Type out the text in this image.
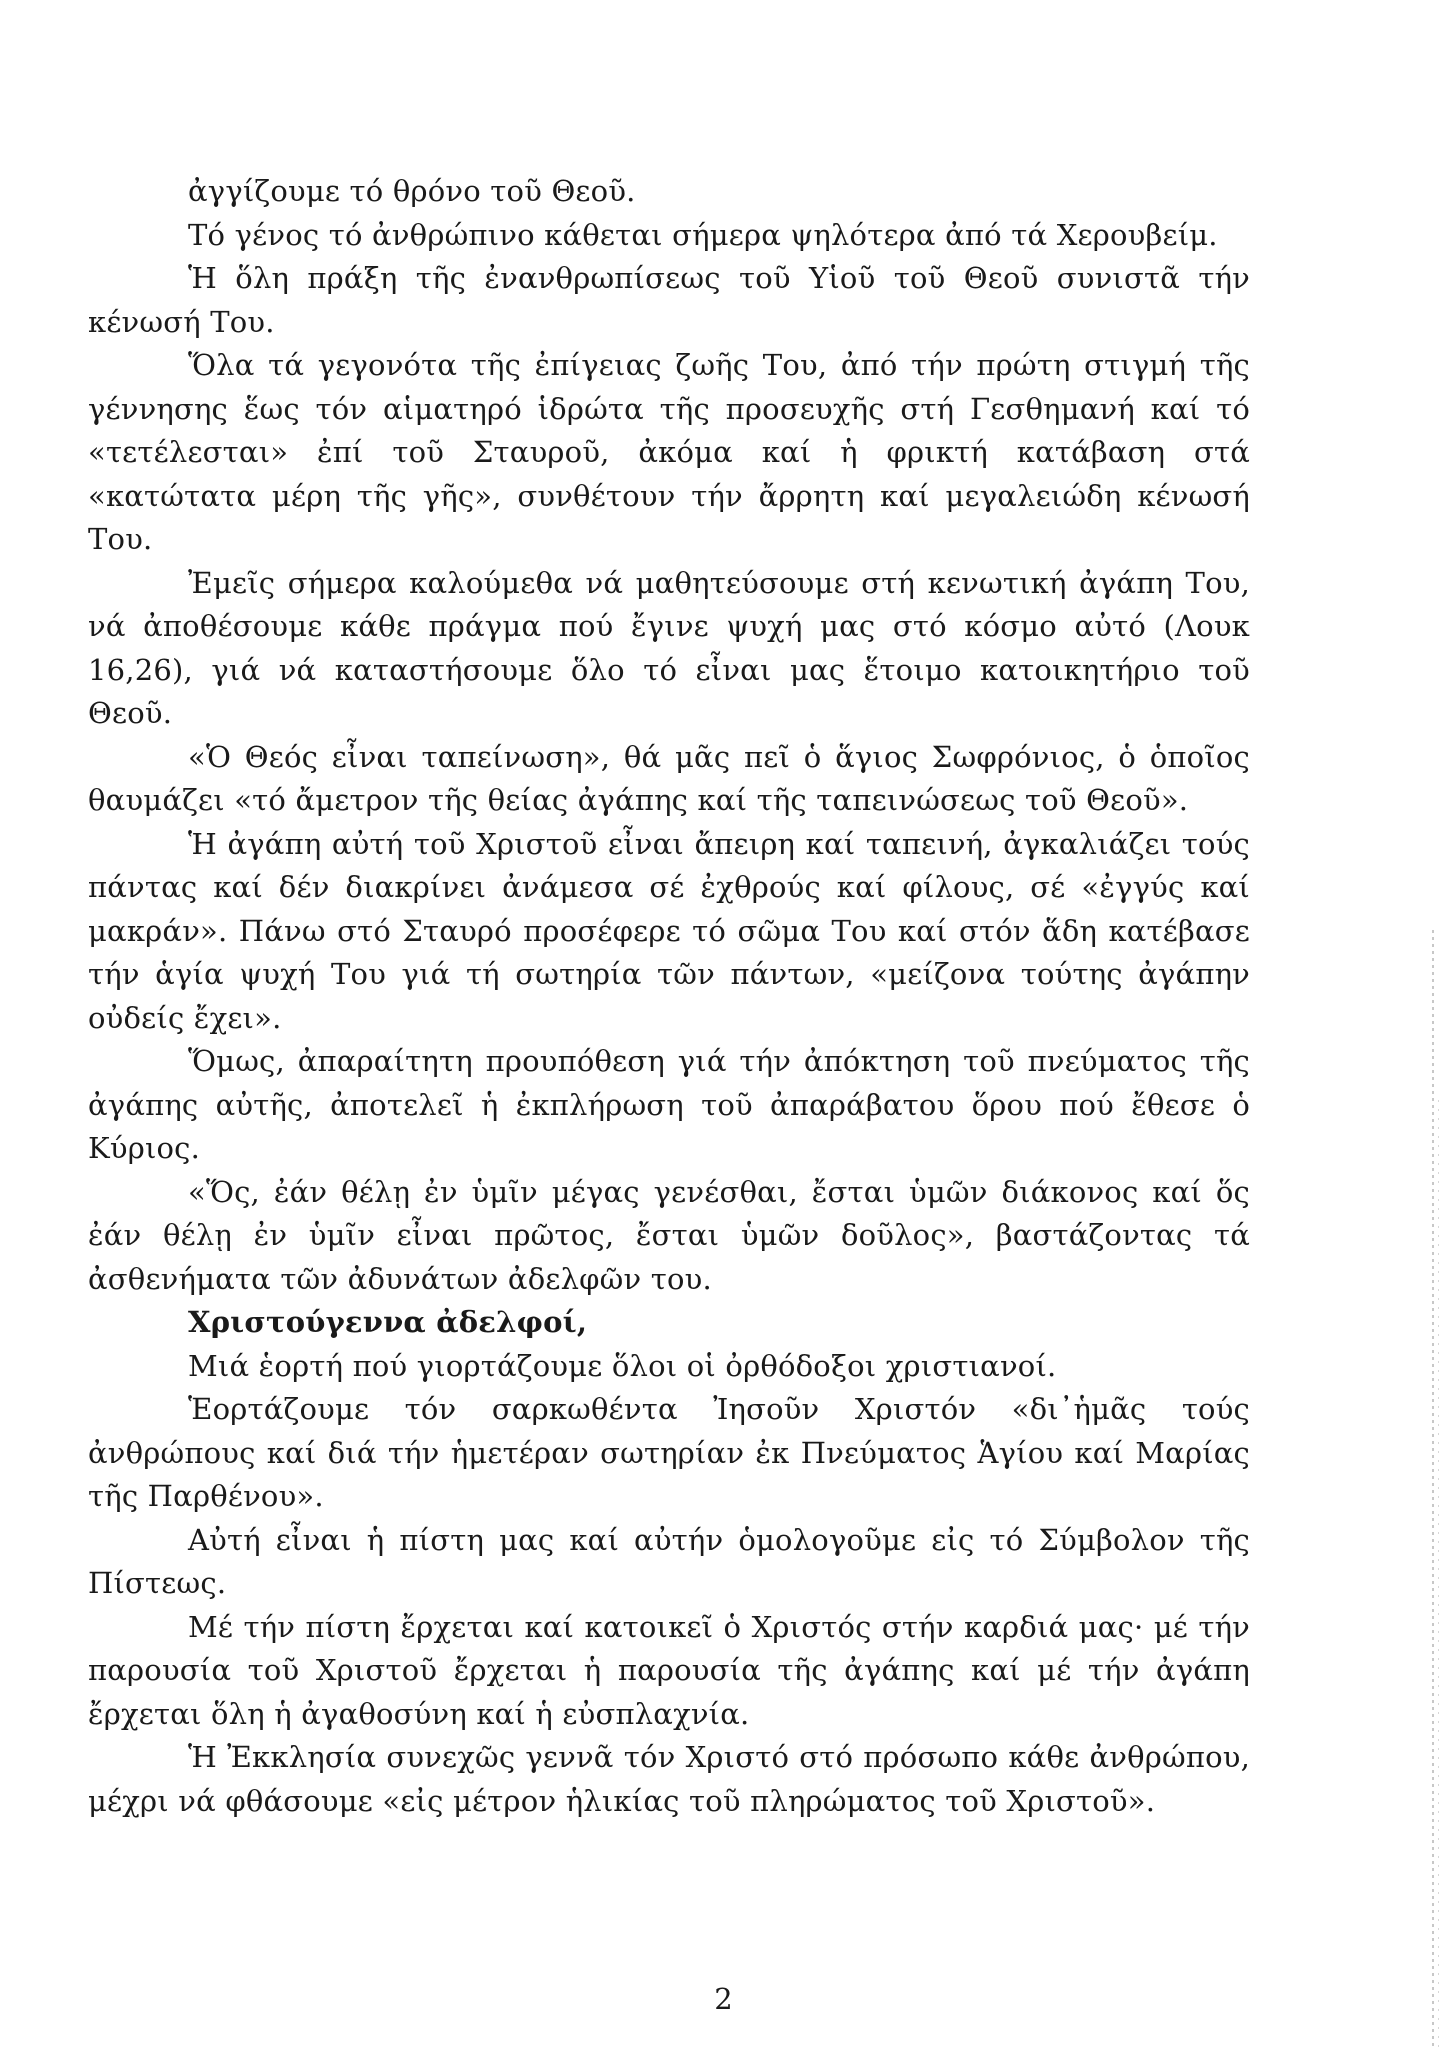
ἀγγίζουμε τό θρόνο τοῦ Θεοῦ.

Τό γένος τό ἀνθρώπινο κάθεται σήμερα ψηλότερα ἀπό τά Χερουβείμ.

Ἡ ὅλη πράξη τῆς ἐνανθρωπίσεως τοῦ Υἱοῦ τοῦ Θεοῦ συνιστᾶ τήν κένωσή Του.

Ὅλα τά γεγονότα τῆς ἐπίγειας ζωῆς Του, ἀπό τήν πρώτη στιγμή τῆς γέννησης ἕως τόν αἱματηρό ἱδρώτα τῆς προσευχῆς στή Γεσθημανή καί τό «τετέλεσται» ἐπί τοῦ Σταυροῦ, ἀκόμα καί ἡ φρικτή κατάβαση στά «κατώτατα μέρη τῆς γῆς», συνθέτουν τήν ἄρρητη καί μεγαλειώδη κένωσή Του.

Ἐμεῖς σήμερα καλούμεθα νά μαθητεύσουμε στή κενωτική ἀγάπη Του, νά ἀποθέσουμε κάθε πράγμα πού ἔγινε ψυχή μας στό κόσμο αὐτό (Λουκ 16,26), γιά νά καταστήσουμε ὅλο τό εἶναι μας ἕτοιμο κατοικητήριο τοῦ Θεοῦ.

«Ὁ Θεός εἶναι ταπείνωση», θά μᾶς πεῖ ὁ ἅγιος Σωφρόνιος, ὁ ὁποῖος θαυμάζει «τό ἄμετρον τῆς θείας ἀγάπης καί τῆς ταπεινώσεως τοῦ Θεοῦ».

Ἡ ἀγάπη αὐτή τοῦ Χριστοῦ εἶναι ἄπειρη καί ταπεινή, ἀγκαλιάζει τούς πάντας καί δέν διακρίνει ἀνάμεσα σέ ἐχθρούς καί φίλους, σέ «ἐγγύς καί μακράν». Πάνω στό Σταυρό προσέφερε τό σῶμα Του καί στόν ἅδη κατέβασε τήν ἁγία ψυχή Του γιά τή σωτηρία τῶν πάντων, «μείζονα τούτης ἀγάπην οὐδείς ἔχει».

Ὅμως, ἀπαραίτητη προυπόθεση γιά τήν ἀπόκτηση τοῦ πνεύματος τῆς ἀγάπης αὐτῆς, ἀποτελεῖ ἡ ἐκπλήρωση τοῦ ἀπαράβατου ὅρου πού ἔθεσε ὁ Κύριος.

«Ὅς, ἐάν θέλῃ ἐν ὑμῖν μέγας γενέσθαι, ἔσται ὑμῶν διάκονος καί ὅς ἐάν θέλῃ ἐν ὑμῖν εἶναι πρῶτος, ἔσται ὑμῶν δοῦλος», βαστάζοντας τά ἀσθενήματα τῶν ἀδυνάτων ἀδελφῶν του.

Χριστούγεννα ἀδελφοί,

Μιά ἑορτή πού γιορτάζουμε ὅλοι οἱ ὀρθόδοξοι χριστιανοί.

Ἑορτάζουμε τόν σαρκωθέντα Ἰησοῦν Χριστόν «δι᾽ἡμᾶς τούς ἀνθρώπους καί διά τήν ἡμετέραν σωτηρίαν ἐκ Πνεύματος Ἁγίου καί Μαρίας τῆς Παρθένου».

Αὐτή εἶναι ἡ πίστη μας καί αὐτήν ὁμολογοῦμε εἰς τό Σύμβολον τῆς Πίστεως.

Μέ τήν πίστη ἔρχεται καί κατοικεῖ ὁ Χριστός στήν καρδιά μας· μέ τήν παρουσία τοῦ Χριστοῦ ἔρχεται ἡ παρουσία τῆς ἀγάπης καί μέ τήν ἀγάπη ἔρχεται ὅλη ἡ ἀγαθοσύνη καί ἡ εὐσπλαχνία.

Ἡ Ἐκκλησία συνεχῶς γεννᾶ τόν Χριστό στό πρόσωπο κάθε ἀνθρώπου, μέχρι νά φθάσουμε «εἰς μέτρον ἡλικίας τοῦ πληρώματος τοῦ Χριστοῦ».

2
